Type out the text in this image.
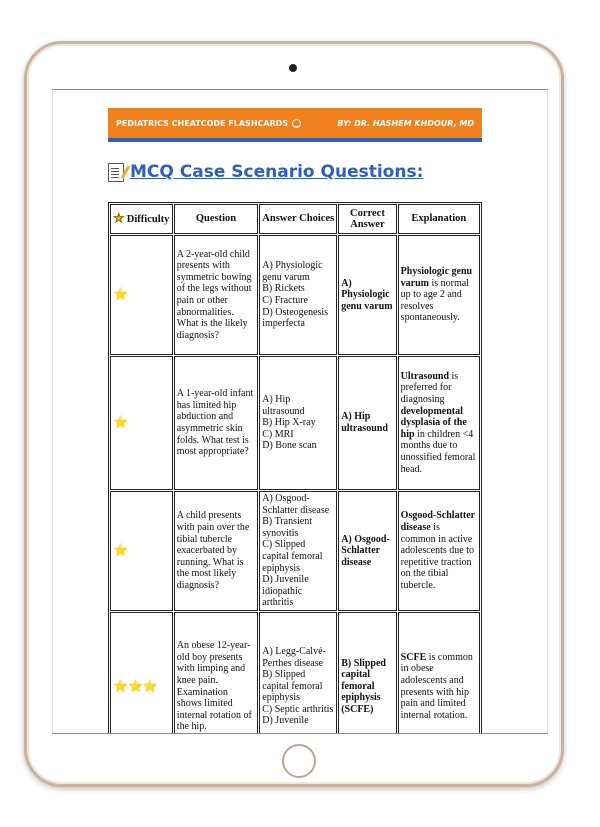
PEDIATRICS CHEATCODE FLASHCARDS	BY: DR. HASHEM KHDOUR, MD
MCQ Case Scenario Questions:
★ Difficulty	Question	Answer Choices	Correct Answer	Explanation
⭐	A 2-year-old child presents with symmetric bowing of the legs without pain or other abnormalities. What is the likely diagnosis?	A) Physiologic genu varum
B) Rickets
C) Fracture
D) Osteogenesis imperfecta	A) Physiologic genu varum	Physiologic genu varum is normal up to age 2 and resolves spontaneously.
⭐	A 1-year-old infant has limited hip abduction and asymmetric skin folds. What test is most appropriate?	A) Hip ultrasound
B) Hip X-ray
C) MRI
D) Bone scan	A) Hip ultrasound	Ultrasound is preferred for diagnosing developmental dysplasia of the hip in children <4 months due to unossified femoral head.
⭐	A child presents with pain over the tibial tubercle exacerbated by running. What is the most likely diagnosis?	A) Osgood-Schlatter disease
B) Transient synovitis
C) Slipped capital femoral epiphysis
D) Juvenile idiopathic arthritis	A) Osgood-Schlatter disease	Osgood-Schlatter disease is common in active adolescents due to repetitive traction on the tibial tubercle.
⭐⭐⭐	An obese 12-year-old boy presents with limping and knee pain. Examination shows limited internal rotation of the hip.	A) Legg-Calvé-Perthes disease
B) Slipped capital femoral epiphysis
C) Septic arthritis
D) Juvenile	B) Slipped capital femoral epiphysis (SCFE)	SCFE is common in obese adolescents and presents with hip pain and limited internal rotation.
